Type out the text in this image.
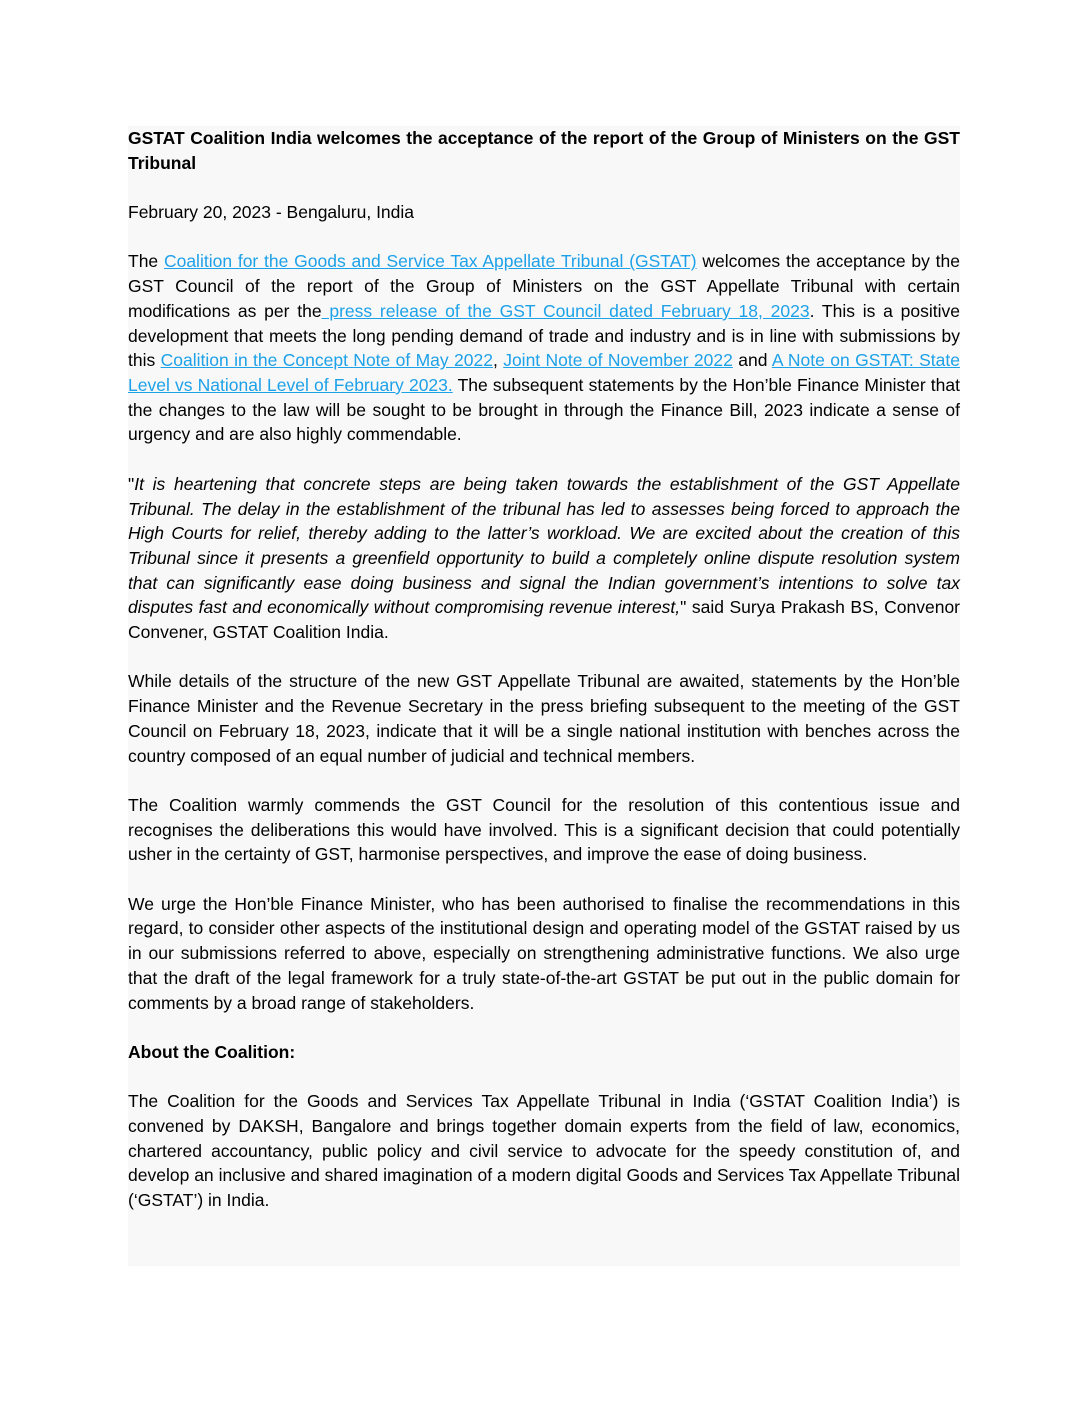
GSTAT Coalition India welcomes the acceptance of the report of the Group of Ministers on the GST Tribunal

February 20, 2023 - Bengaluru, India

The Coalition for the Goods and Service Tax Appellate Tribunal (GSTAT) welcomes the acceptance by the GST Council of the report of the Group of Ministers on the GST Appellate Tribunal with certain modifications as per the press release of the GST Council dated February 18, 2023. This is a positive development that meets the long pending demand of trade and industry and is in line with submissions by this Coalition in the Concept Note of May 2022, Joint Note of November 2022 and A Note on GSTAT: State Level vs National Level of February 2023. The subsequent statements by the Hon’ble Finance Minister that the changes to the law will be sought to be brought in through the Finance Bill, 2023 indicate a sense of urgency and are also highly commendable.

"It is heartening that concrete steps are being taken towards the establishment of the GST Appellate Tribunal. The delay in the establishment of the tribunal has led to assesses being forced to approach the High Courts for relief, thereby adding to the latter’s workload. We are excited about the creation of this Tribunal since it presents a greenfield opportunity to build a completely online dispute resolution system that can significantly ease doing business and signal the Indian government’s intentions to solve tax disputes fast and economically without compromising revenue interest," said Surya Prakash BS, Convenor Convener, GSTAT Coalition India.

While details of the structure of the new GST Appellate Tribunal are awaited, statements by the Hon’ble Finance Minister and the Revenue Secretary in the press briefing subsequent to the meeting of the GST Council on February 18, 2023, indicate that it will be a single national institution with benches across the country composed of an equal number of judicial and technical members.

The Coalition warmly commends the GST Council for the resolution of this contentious issue and recognises the deliberations this would have involved. This is a significant decision that could potentially usher in the certainty of GST, harmonise perspectives, and improve the ease of doing business.

We urge the Hon’ble Finance Minister, who has been authorised to finalise the recommendations in this regard, to consider other aspects of the institutional design and operating model of the GSTAT raised by us in our submissions referred to above, especially on strengthening administrative functions. We also urge that the draft of the legal framework for a truly state-of-the-art GSTAT be put out in the public domain for comments by a broad range of stakeholders.

About the Coalition:

The Coalition for the Goods and Services Tax Appellate Tribunal in India (‘GSTAT Coalition India’) is convened by DAKSH, Bangalore and brings together domain experts from the field of law, economics, chartered accountancy, public policy and civil service to advocate for the speedy constitution of, and develop an inclusive and shared imagination of a modern digital Goods and Services Tax Appellate Tribunal (‘GSTAT’) in India.
